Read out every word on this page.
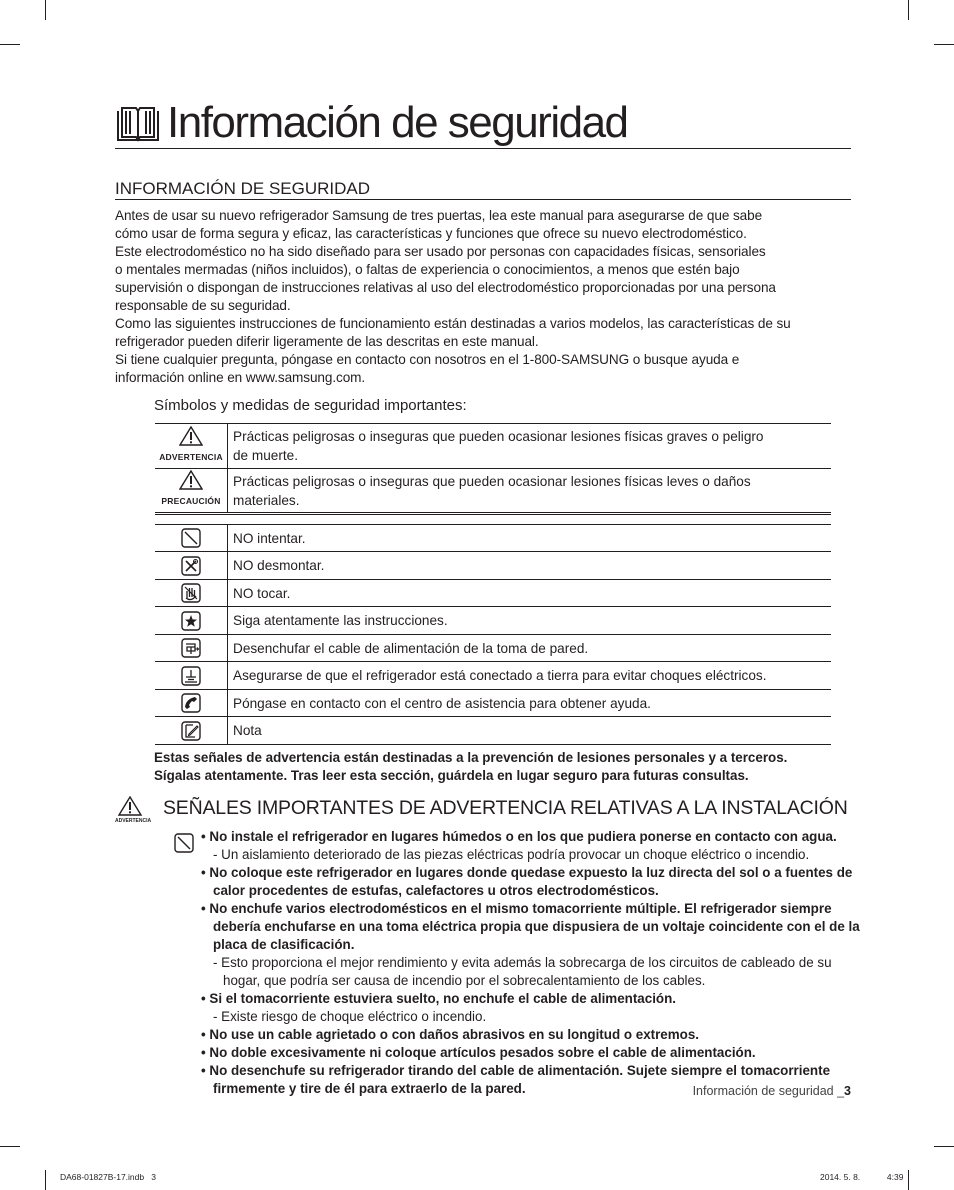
Información de seguridad
INFORMACIÓN DE SEGURIDAD

Antes de usar su nuevo refrigerador Samsung de tres puertas, lea este manual para asegurarse de que sabe

cómo usar de forma segura y eficaz, las características y funciones que ofrece su nuevo electrodoméstico.

Este electrodoméstico no ha sido diseñado para ser usado por personas con capacidades físicas, sensoriales

o mentales mermadas (niños incluidos), o faltas de experiencia o conocimientos, a menos que estén bajo

supervisión o dispongan de instrucciones relativas al uso del electrodoméstico proporcionadas por una persona

responsable de su seguridad.

Como las siguientes instrucciones de funcionamiento están destinadas a varios modelos, las características de su

refrigerador pueden diferir ligeramente de las descritas en este manual.

Si tiene cualquier pregunta, póngase en contacto con nosotros en el 1-800-SAMSUNG o busque ayuda e

información online en www.samsung.com.

Símbolos y medidas de seguridad importantes:
ADVERTENCIA	Prácticas peligrosas o inseguras que pueden ocasionar lesiones físicas graves o peligro
de muerte.

PRECAUCIÓN	Prácticas peligrosas o inseguras que pueden ocasionar lesiones físicas leves o daños
materiales.

	NO intentar.
	NO desmontar.
	NO tocar.
	Siga atentamente las instrucciones.
	Desenchufar el cable de alimentación de la toma de pared.
	Asegurarse de que el refrigerador está conectado a tierra para evitar choques eléctricos.
	Póngase en contacto con el centro de asistencia para obtener ayuda.
	Nota

Estas señales de advertencia están destinadas a la prevención de lesiones personales y a terceros.

Sígalas atentamente. Tras leer esta sección, guárdela en lugar seguro para futuras consultas.

ADVERTENCIA
SEÑALES IMPORTANTES DE ADVERTENCIA RELATIVAS A LA INSTALACIÓN

• No instale el refrigerador en lugares húmedos o en los que pudiera ponerse en contacto con agua.

- Un aislamiento deteriorado de las piezas eléctricas podría provocar un choque eléctrico o incendio.

• No coloque este refrigerador en lugares donde quedase expuesto la luz directa del sol o a fuentes de calor procedentes de estufas, calefactores u otros electrodomésticos.

• No enchufe varios electrodomésticos en el mismo tomacorriente múltiple. El refrigerador siempre debería enchufarse en una toma eléctrica propia que dispusiera de un voltaje coincidente con el de la placa de clasificación.

- Esto proporciona el mejor rendimiento y evita además la sobrecarga de los circuitos de cableado de su hogar, que podría ser causa de incendio por el sobrecalentamiento de los cables.

• Si el tomacorriente estuviera suelto, no enchufe el cable de alimentación.

- Existe riesgo de choque eléctrico o incendio.

• No use un cable agrietado o con daños abrasivos en su longitud o extremos.

• No doble excesivamente ni coloque artículos pesados sobre el cable de alimentación.

• No desenchufe su refrigerador tirando del cable de alimentación. Sujete siempre el tomacorriente firmemente y tire de él para extraerlo de la pared.	Información de seguridad _3
DA68-01827B-17.indb   3	2014. 5. 8.	4:39
